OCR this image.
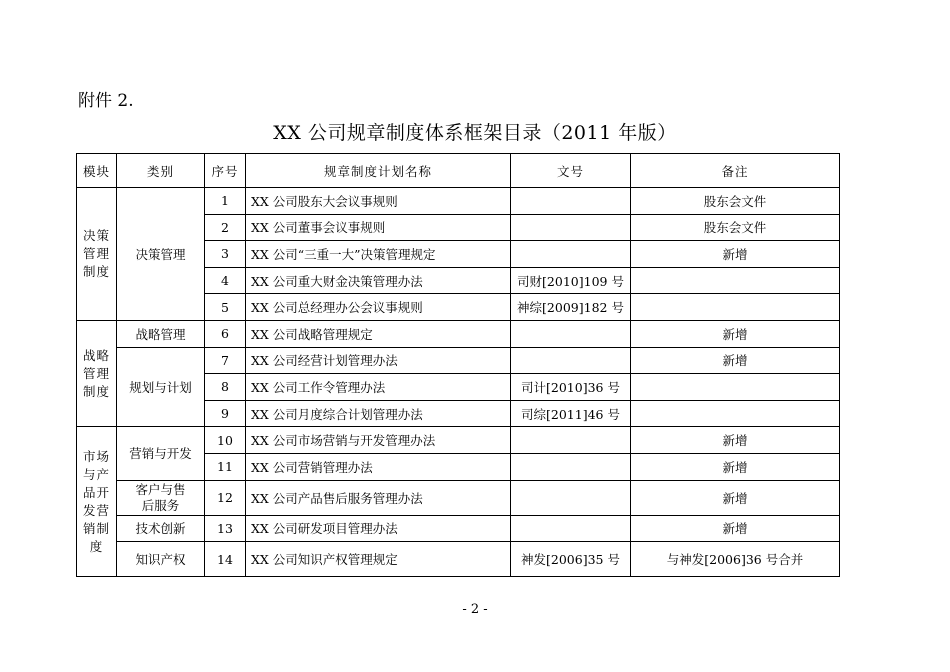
附件 2.
XX 公司规章制度体系框架目录（2011 年版）
模块	类别	序号	规章制度计划名称	文号	备注
决策管理制度	决策管理	1	XX 公司股东大会议事规则		股东会文件
		2	XX 公司董事会议事规则		股东会文件
		3	XX 公司“三重一大”决策管理规定		新增
		4	XX 公司重大财金决策管理办法	司财[2010]109 号	
		5	XX 公司总经理办公会议事规则	神综[2009]182 号	
战略管理制度	战略管理	6	XX 公司战略管理规定		新增
	规划与计划	7	XX 公司经营计划管理办法		新增
		8	XX 公司工作令管理办法	司计[2010]36 号	
		9	XX 公司月度综合计划管理办法	司综[2011]46 号	
市场与产品开发营销制度	营销与开发	10	XX 公司市场营销与开发管理办法		新增
		11	XX 公司营销管理办法		新增

	客户与售后服务	12	XX 公司产品售后服务管理办法		新增
	技术创新	13	XX 公司研发项目管理办法		新增
	知识产权	14	XX 公司知识产权管理规定	神发[2006]35 号	与神发[2006]36 号合并
- 2 -
